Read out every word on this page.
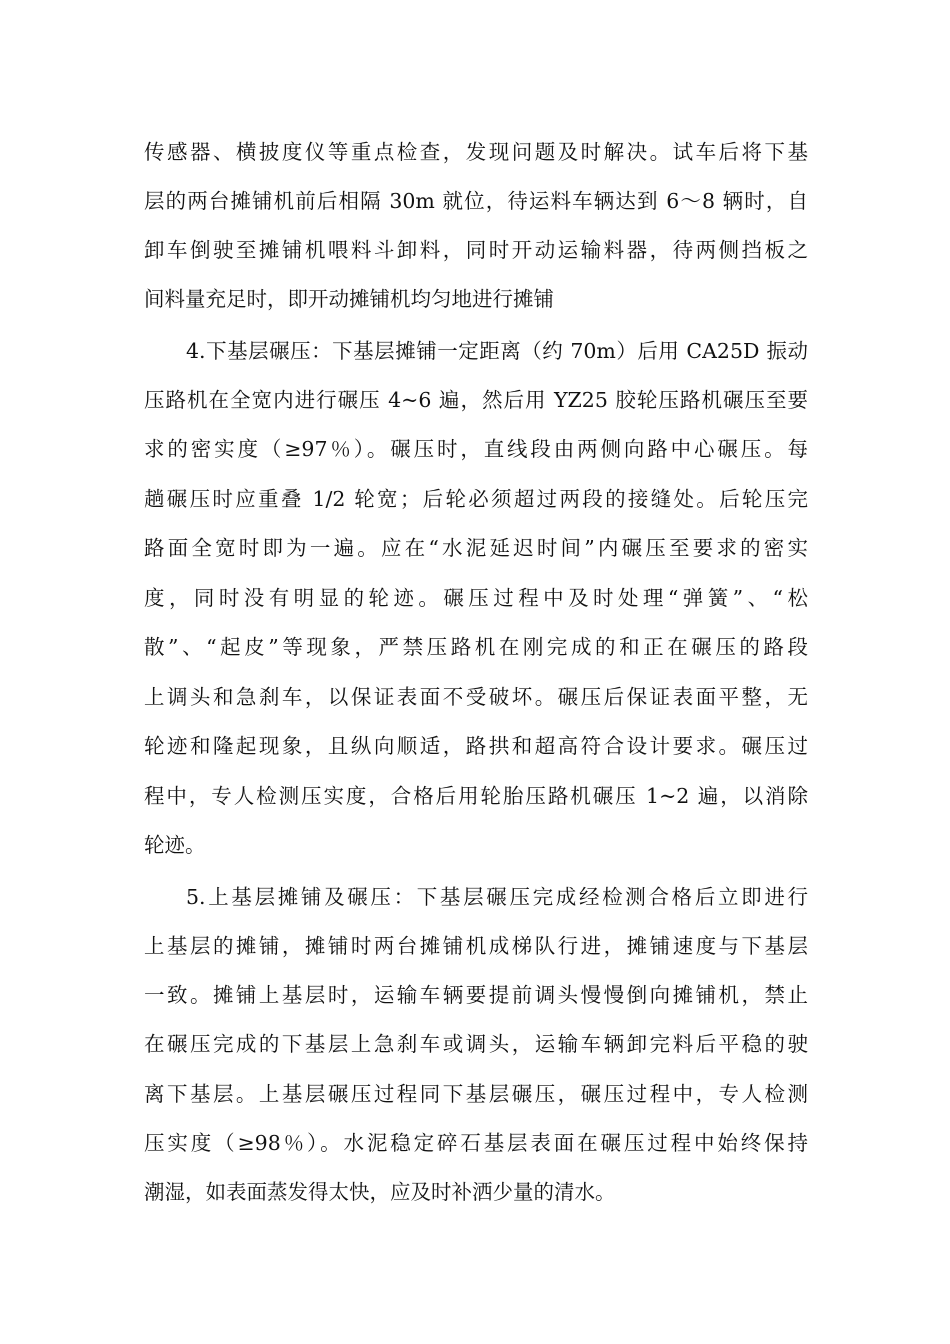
传感器、横披度仪等重点检查，发现问题及时解决。试车后将下基
层的两台摊铺机前后相隔 30m 就位，待运料车辆达到 6～8 辆时，自
卸车倒驶至摊铺机喂料斗卸料，同时开动运输料器，待两侧挡板之
间料量充足时，即开动摊铺机均匀地进行摊铺
4.下基层碾压：下基层摊铺一定距离（约 70m）后用 CA25D 振动
压路机在全宽内进行碾压 4~6 遍，然后用 YZ25 胶轮压路机碾压至要
求的密实度（≥97％）。碾压时，直线段由两侧向路中心碾压。每
趟碾压时应重叠 1/2 轮宽；后轮必须超过两段的接缝处。后轮压完
路面全宽时即为一遍。应在“水泥延迟时间”内碾压至要求的密实
度，同时没有明显的轮迹。碾压过程中及时处理“弹簧”、“松
散”、“起皮”等现象，严禁压路机在刚完成的和正在碾压的路段
上调头和急刹车，以保证表面不受破坏。碾压后保证表面平整，无
轮迹和隆起现象，且纵向顺适，路拱和超高符合设计要求。碾压过
程中，专人检测压实度，合格后用轮胎压路机碾压 1~2 遍，以消除
轮迹。
5.上基层摊铺及碾压：下基层碾压完成经检测合格后立即进行
上基层的摊铺，摊铺时两台摊铺机成梯队行进，摊铺速度与下基层
一致。摊铺上基层时，运输车辆要提前调头慢慢倒向摊铺机，禁止
在碾压完成的下基层上急刹车或调头，运输车辆卸完料后平稳的驶
离下基层。上基层碾压过程同下基层碾压，碾压过程中，专人检测
压实度（≥98％）。水泥稳定碎石基层表面在碾压过程中始终保持
潮湿，如表面蒸发得太快，应及时补洒少量的清水。
